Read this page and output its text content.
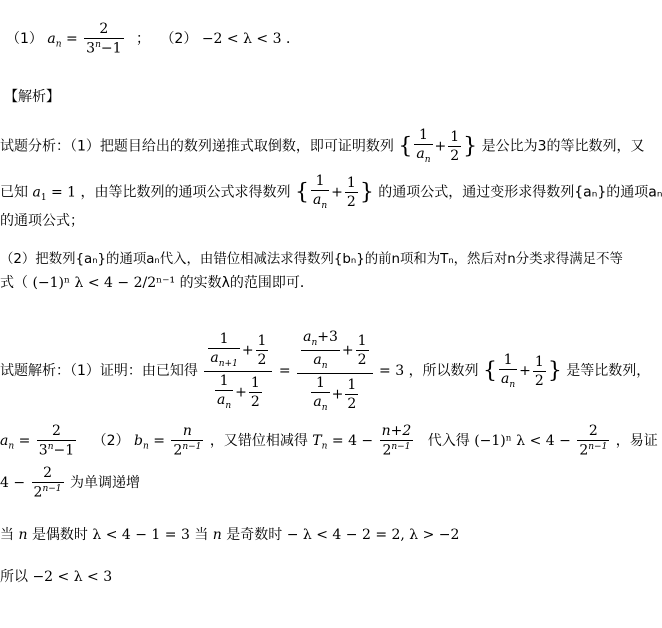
（1） $a_n = \frac{2}{3^n-1}$ ； （2） −2 < λ < 3 ．
【解析】
试题分析：（1）把题目给出的数列递推式取倒数，即可证明数列 { $\frac{1}{a_n} + \frac{1}{2}$ } 是公比为3的等比数列，又
已知 $a_1 = 1$ ，由等比数列的通项公式求得数列 { $\frac{1}{a_n} + \frac{1}{2}$ } 的通项公式，通过变形求得数列{aₙ}的通项aₙ
的通项公式；
（2）把数列{aₙ}的通项aₙ代入，由错位相减法求得数列{bₙ}的前n项和为Tₙ，然后对n分类求得满足不等
式（ (−1)ⁿ λ < 4 − 2/2ⁿ⁻¹ 的实数λ的范围即可．
试题解析：（1）证明：由已知得 $\frac{\frac{1}{a_{n+1}} + \frac{1}{2}}{\frac{1}{a_n} + \frac{1}{2}} = \frac{\frac{a_n+3}{a_n} + \frac{1}{2}}{\frac{1}{a_n} + \frac{1}{2}} = 3$ ，所以数列 { $\frac{1}{a_n} + \frac{1}{2}$ } 是等比数列，
$a_n = \frac{2}{3^n-1} (2) b_n = \frac{n}{2^{n-1}}$ ，又错位相减得 $T_n = 4 - \frac{n+2}{2^{n-1}}$ 代入得 (−1)ⁿ $\lambda < 4 - \frac{2}{2^{n-1}}$ ，易证
$4 - \frac{2}{2^{n-1}}$ 为单调递增
当 n 是偶数时 λ < 4 − 1 = 3 当 n 是奇数时 − λ < 4 − 2 = 2, λ > −2
所以 −2 < λ < 3
